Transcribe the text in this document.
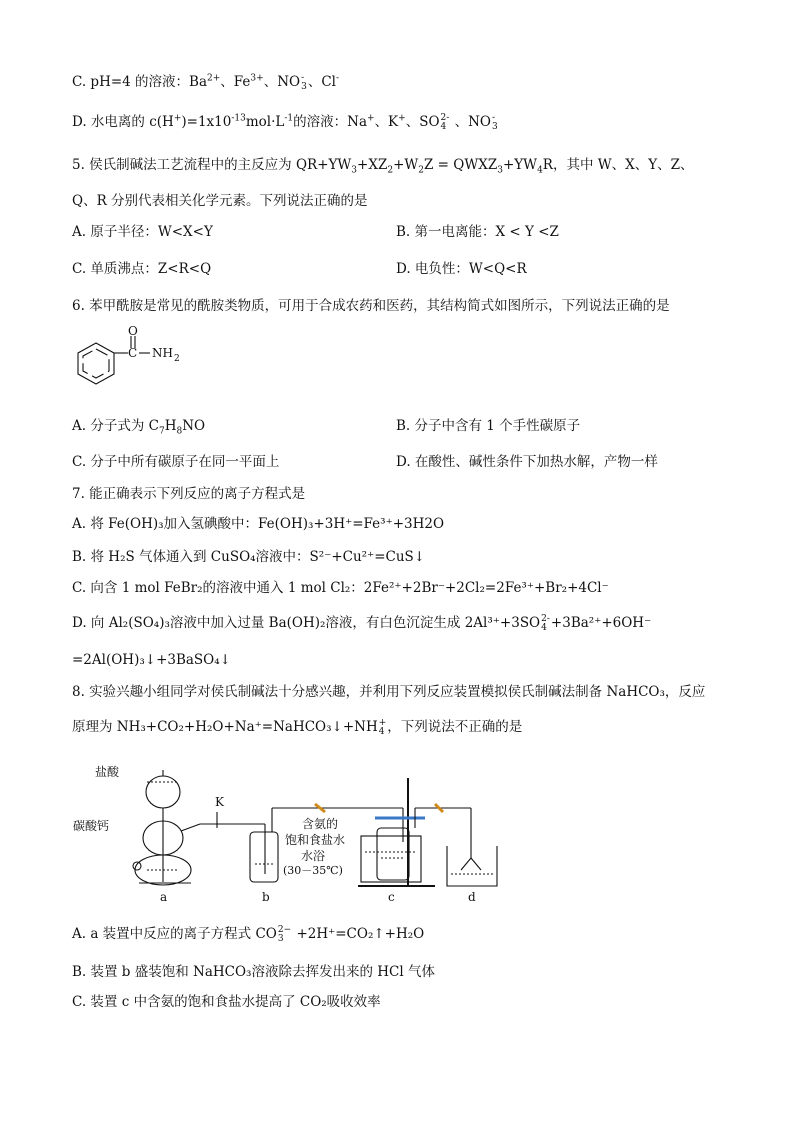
C. pH=4 的溶液：$Ba^{2+}$、$Fe^{3+}$、NO-
3、Cl-
D. 水电离的 $c(H^+)=1x10^{-13}mol\cdot L^{-1}$的溶液：Na+、K+、SO2-
4 、NO-
3
5. 侯氏制碱法工艺流程中的主反应为 $QR+YW_3+XZ_2+W_2Z$ = $QWXZ_3+YW_4R$，其中 W、X、Y、Z、
Q、R 分别代表相关化学元素。下列说法正确的是
A. 原子半径：W<X<Y	B. 第一电离能：X < Y <Z
C. 单质沸点：Z<R<Q	D. 电负性：W<Q<R
6. 苯甲酰胺是常见的酰胺类物质，可用于合成农药和医药，其结构简式如图所示，下列说法正确的是
O
C NH 2
A. 分子式为 $C_7H_8NO$	B. 分子中含有 1 个手性碳原子
C. 分子中所有碳原子在同一平面上	D. 在酸性、碱性条件下加热水解，产物一样
7. 能正确表示下列反应的离子方程式是
A. 将 Fe(OH)₃加入氢碘酸中：Fe(OH)₃+3H⁺=Fe³⁺+3H2O
B. 将 H₂S 气体通入到 CuSO₄溶液中：S²⁻+Cu²⁺=CuS↓
C. 向含 1 mol FeBr₂的溶液中通入 1 mol Cl₂：2Fe²⁺+2Br⁻+2Cl₂=2Fe³⁺+Br₂+4Cl⁻
D. 向 Al₂(SO₄)₃溶液中加入过量 Ba(OH)₂溶液，有白色沉淀生成 2Al³⁺+3SO2-
4 +3Ba²⁺+6OH⁻
=2Al(OH)₃↓+3BaSO₄↓
8. 实验兴趣小组同学对侯氏制碱法十分感兴趣，并利用下列反应装置模拟侯氏制碱法制备 NaHCO₃，反应
原理为 NH₃+CO₂+H₂O+Na⁺=NaHCO₃↓+NH+
4 ，下列说法不正确的是
盐酸
碳酸钙
K
含氨的
饱和食盐水
水浴
(30－35℃)
a	b	c	d
A. a 装置中反应的离子方程式 CO2−
3 +2H⁺=CO₂↑+H₂O
B. 装置 b 盛装饱和 NaHCO₃溶液除去挥发出来的 HCl 气体
C. 装置 c 中含氨的饱和食盐水提高了 CO₂吸收效率
